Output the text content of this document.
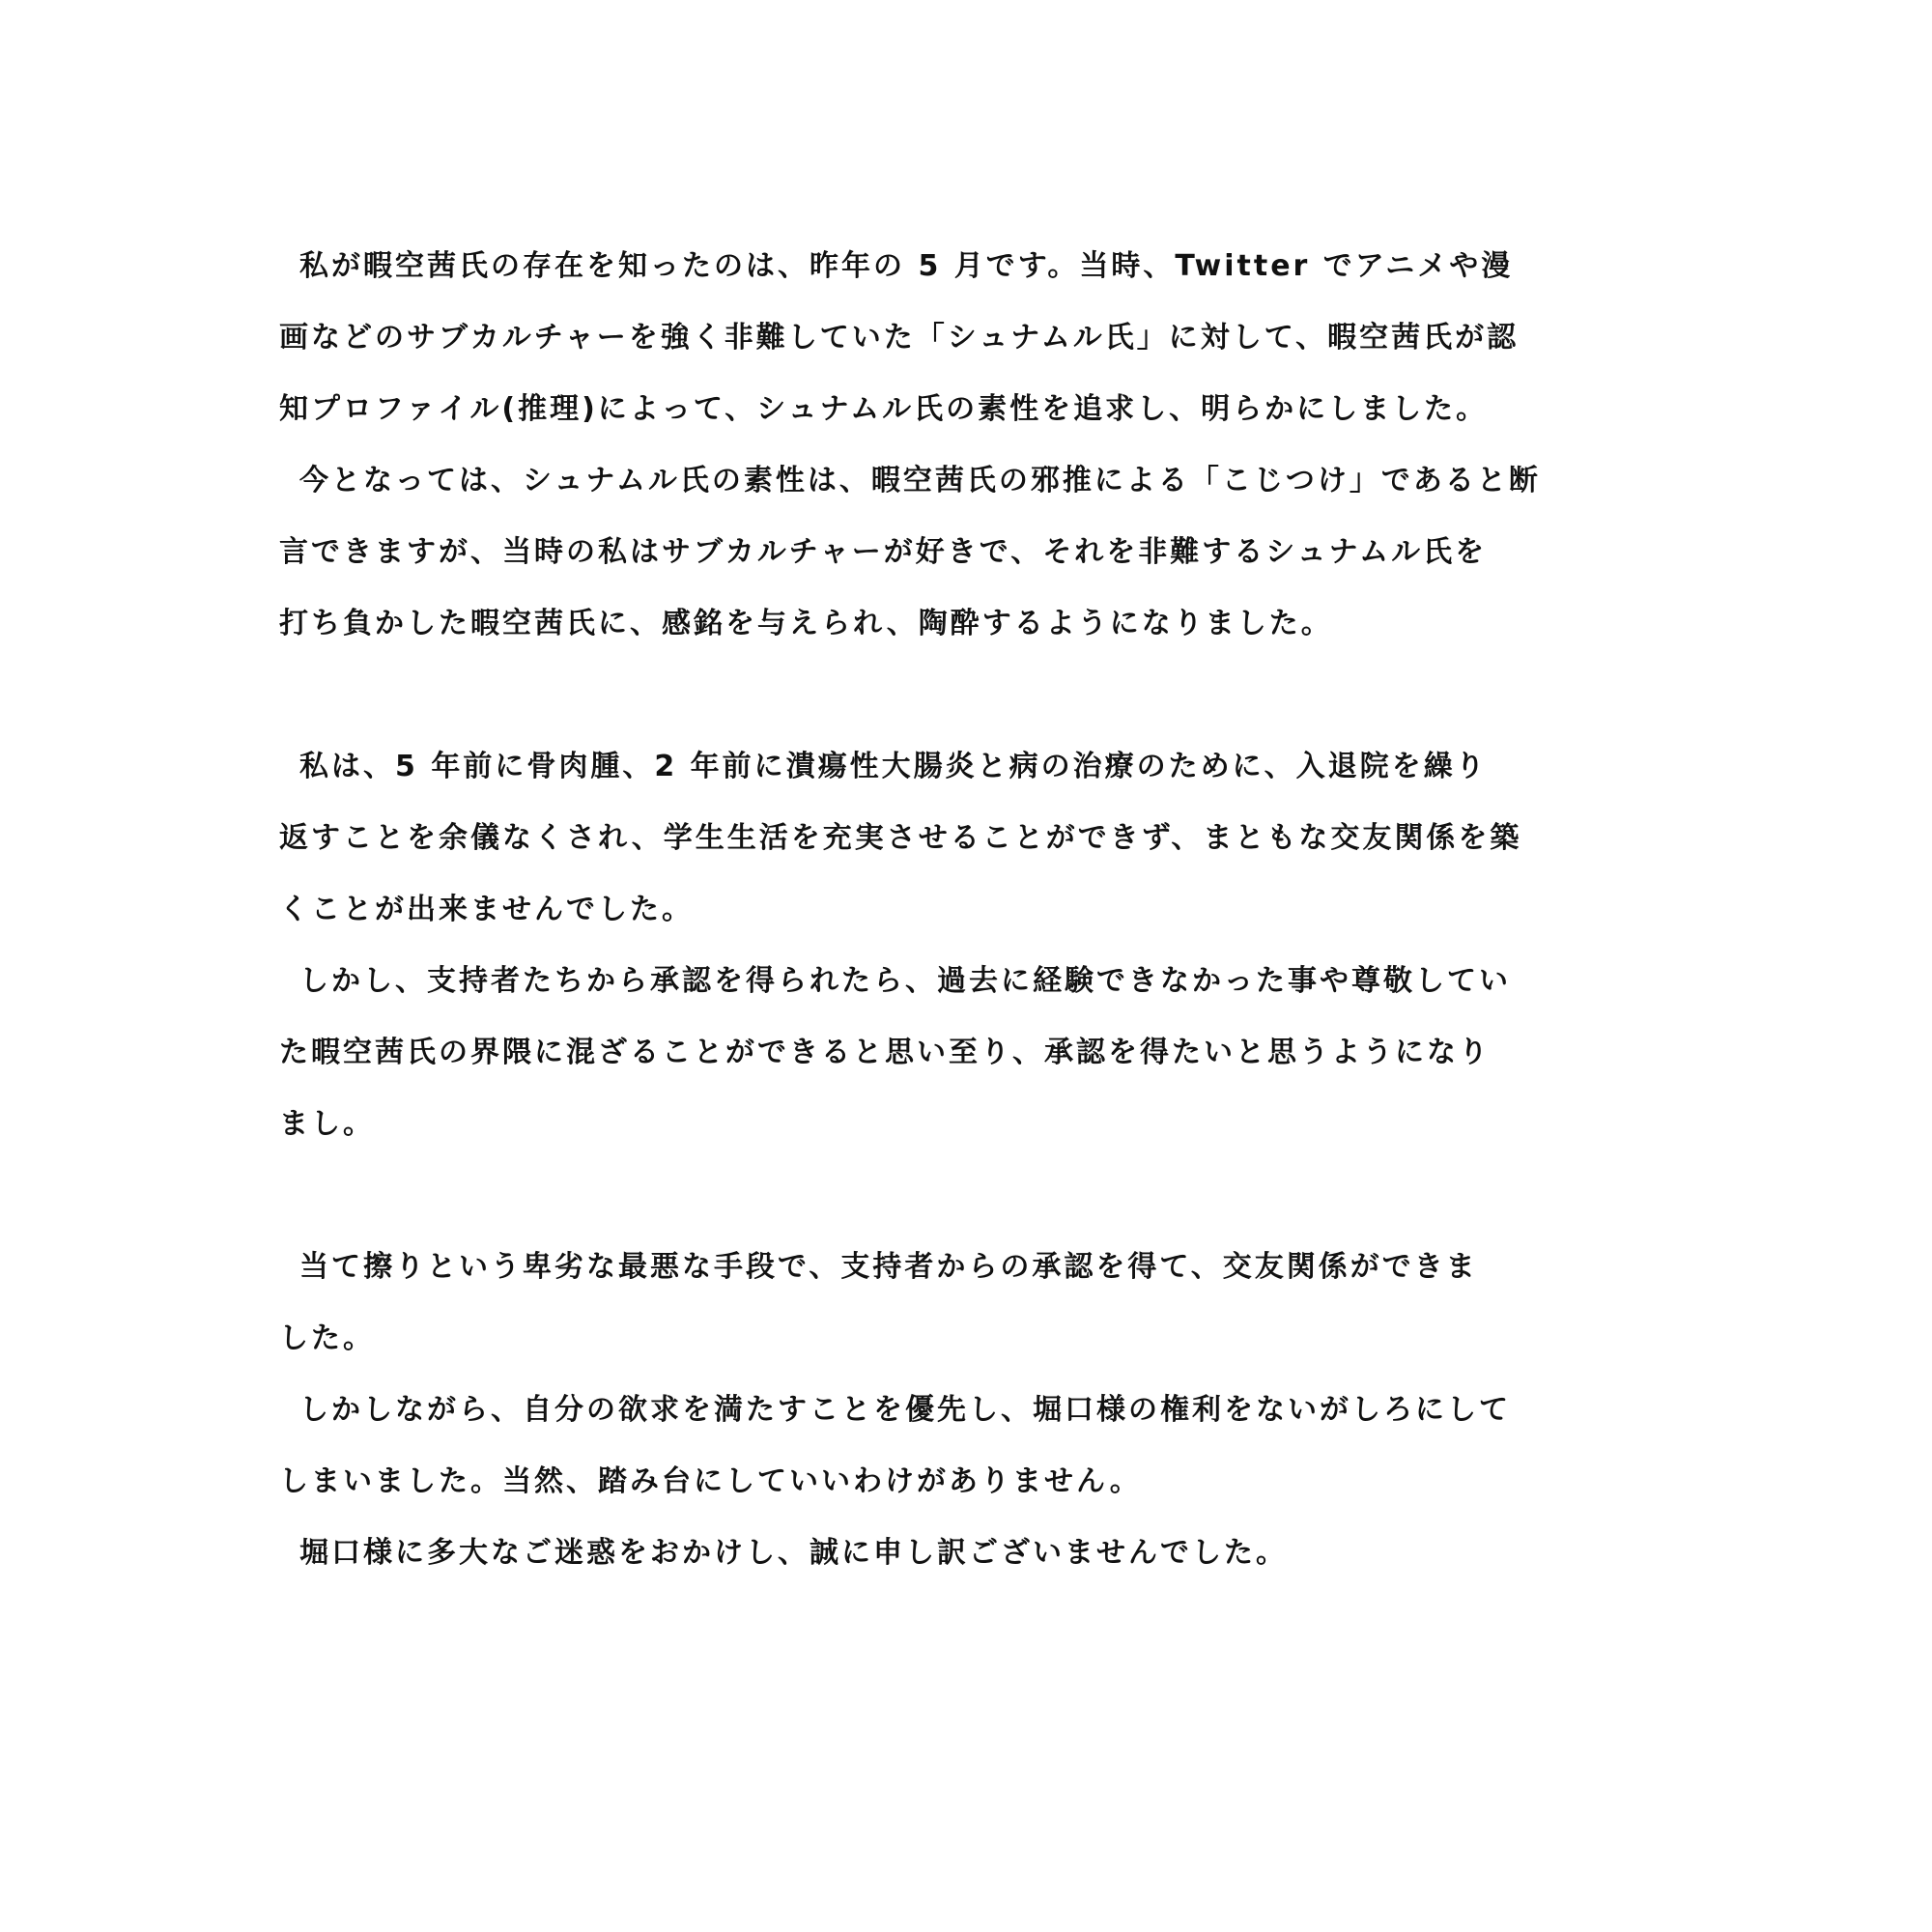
私が暇空茜氏の存在を知ったのは、昨年の 5 月です。当時、Twitter でアニメや漫
画などのサブカルチャーを強く非難していた「シュナムル氏」に対して、暇空茜氏が認
知プロファイル(推理)によって、シュナムル氏の素性を追求し、明らかにしました。
今となっては、シュナムル氏の素性は、暇空茜氏の邪推による「こじつけ」であると断
言できますが、当時の私はサブカルチャーが好きで、それを非難するシュナムル氏を
打ち負かした暇空茜氏に、感銘を与えられ、陶酔するようになりました。
私は、5 年前に骨肉腫、2 年前に潰瘍性大腸炎と病の治療のために、入退院を繰り
返すことを余儀なくされ、学生生活を充実させることができず、まともな交友関係を築
くことが出来ませんでした。
しかし、支持者たちから承認を得られたら、過去に経験できなかった事や尊敬してい
た暇空茜氏の界隈に混ざることができると思い至り、承認を得たいと思うようになり
まし。
当て擦りという卑劣な最悪な手段で、支持者からの承認を得て、交友関係ができま
した。
しかしながら、自分の欲求を満たすことを優先し、堀口様の権利をないがしろにして
しまいました。当然、踏み台にしていいわけがありません。
堀口様に多大なご迷惑をおかけし、誠に申し訳ございませんでした。
